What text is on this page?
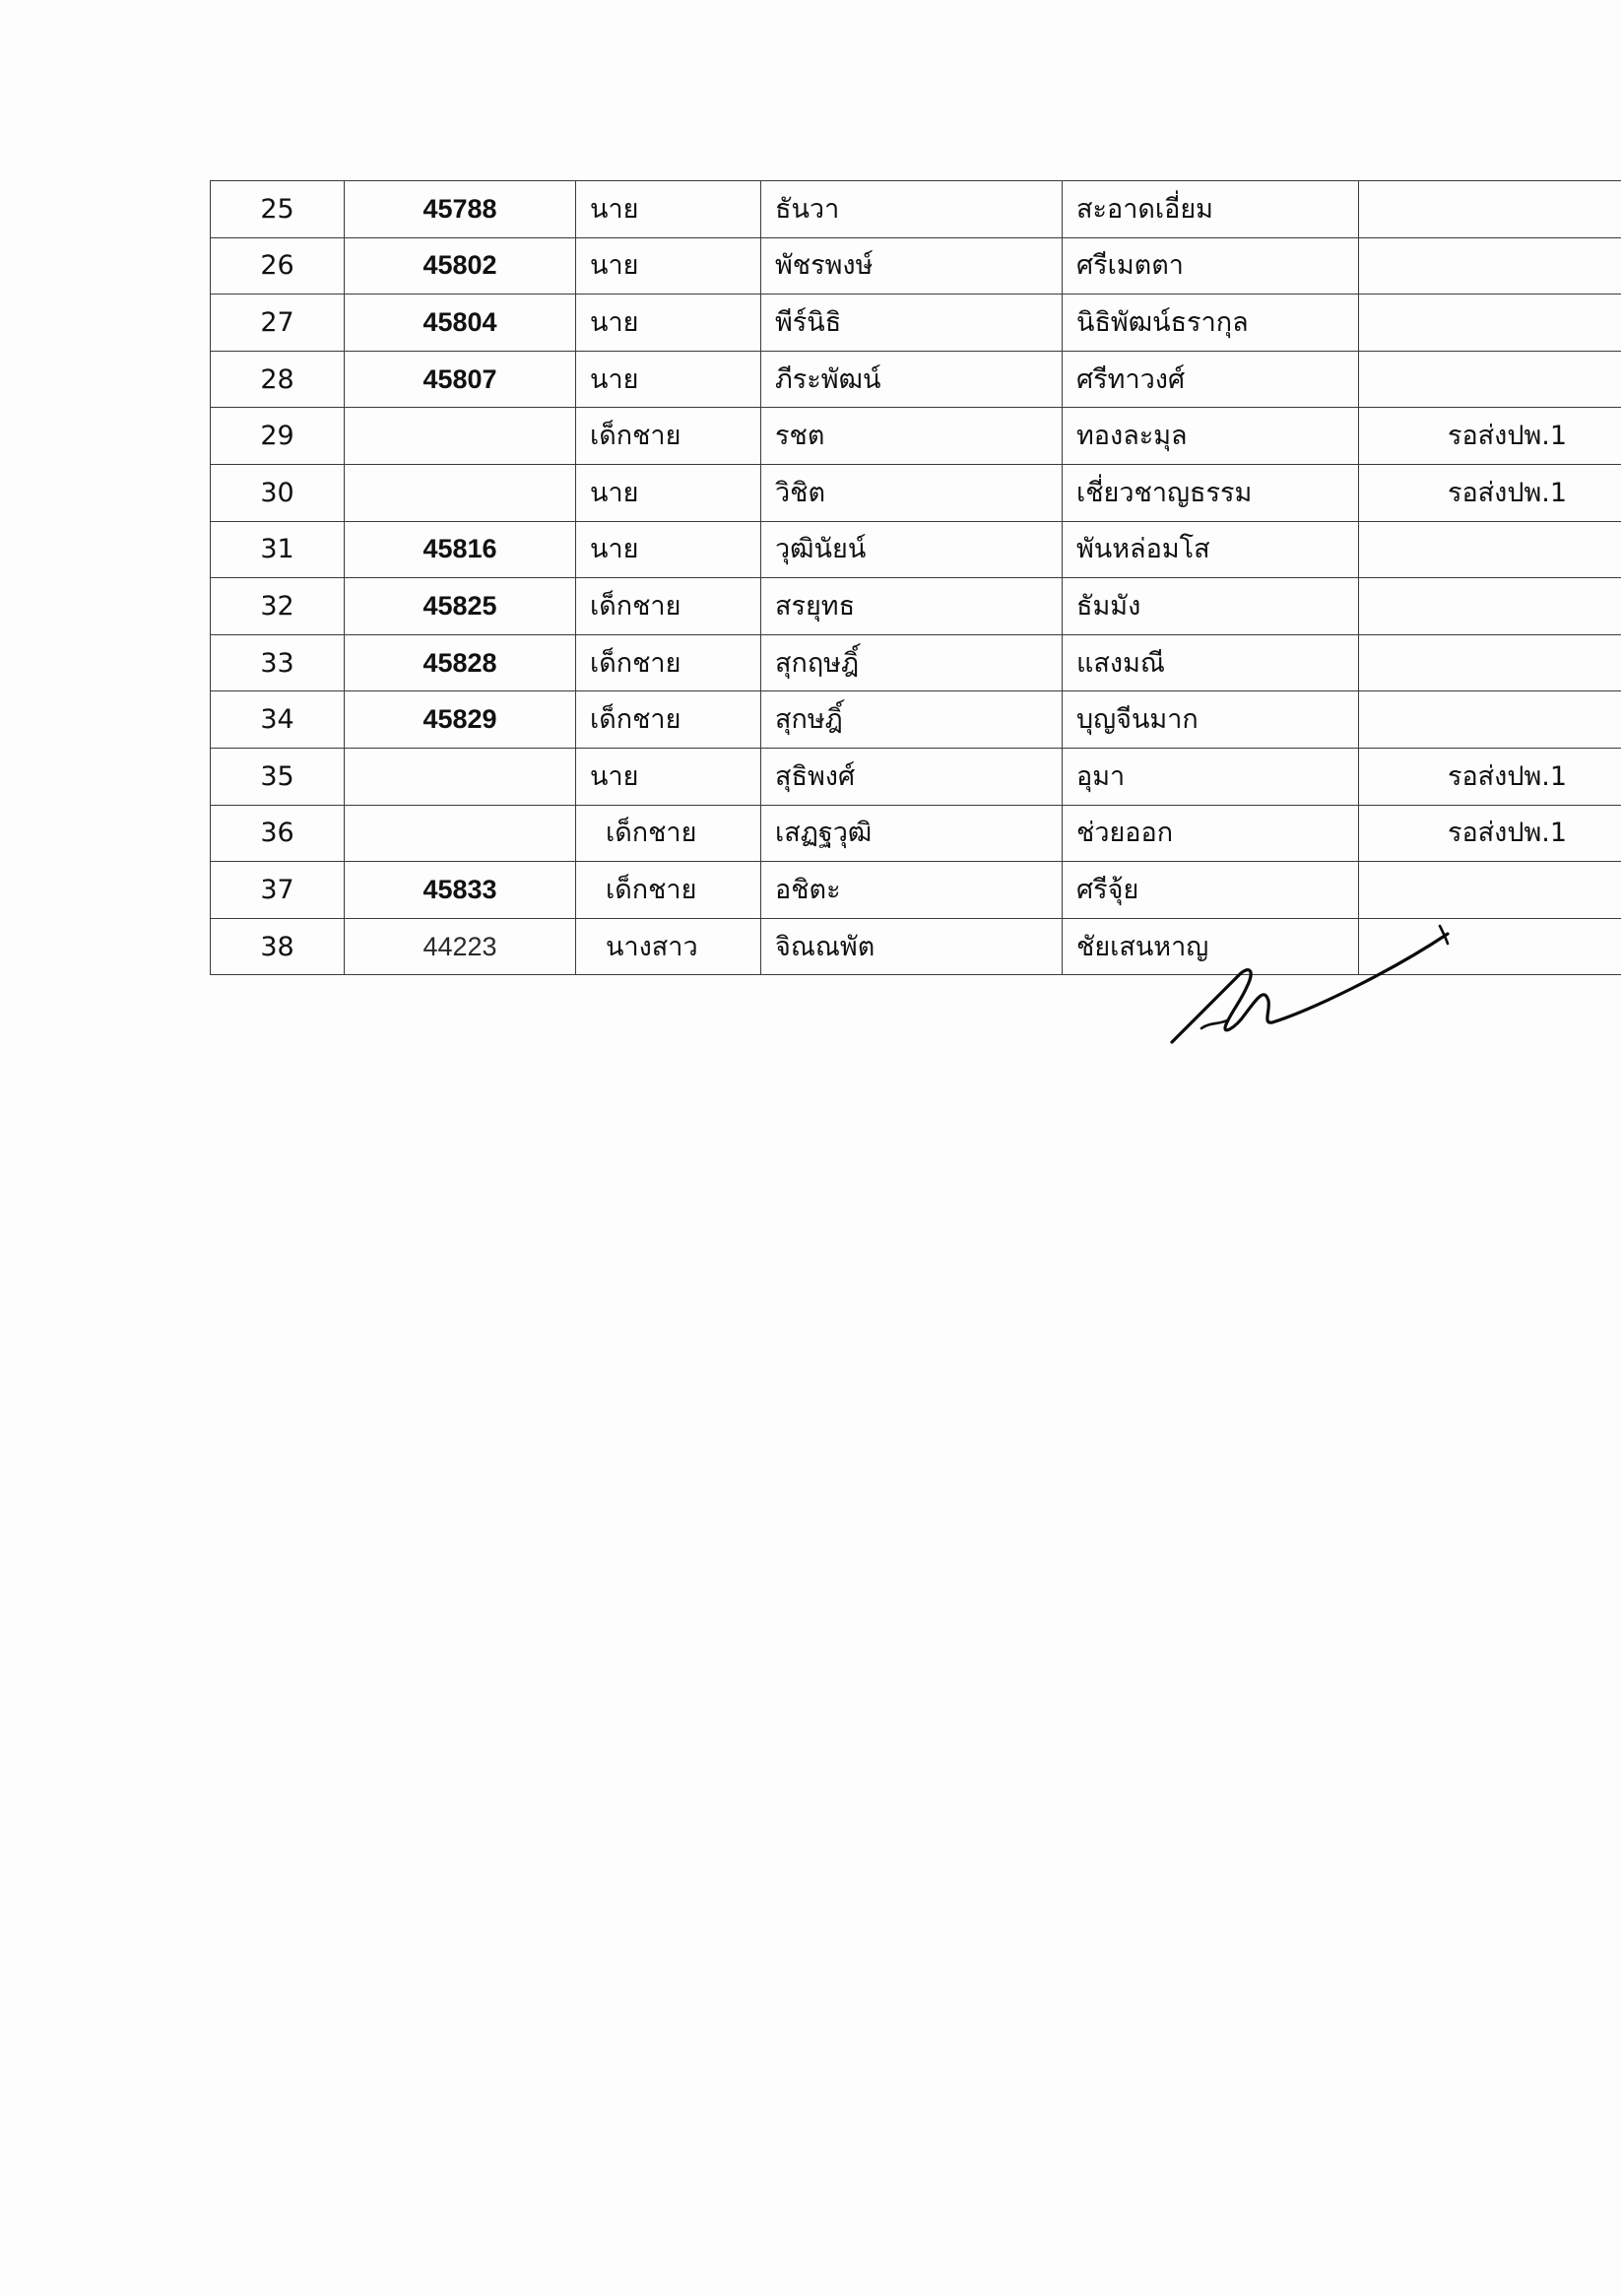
25	45788	นาย	ธันวา	สะอาดเอี่ยม	
26	45802	นาย	พัชรพงษ์	ศรีเมตตา	
27	45804	นาย	พีร์นิธิ	นิธิพัฒน์ธรากุล	
28	45807	นาย	ภีระพัฒน์	ศรีทาวงศ์	
29		เด็กชาย	รชต	ทองละมุล	รอส่งปพ.1
30		นาย	วิชิต	เชี่ยวชาญธรรม	รอส่งปพ.1
31	45816	นาย	วุฒินัยน์	พันหล่อมโส	
32	45825	เด็กชาย	สรยุทธ	ธัมมัง	
33	45828	เด็กชาย	สุกฤษฎิ์	แสงมณี	
34	45829	เด็กชาย	สุกษฎิ์	บุญจีนมาก	
35		นาย	สุธิพงศ์	อุมา	รอส่งปพ.1
36		เด็กชาย	เสฏฐวุฒิ	ช่วยออก	รอส่งปพ.1
37	45833	เด็กชาย	อชิตะ	ศรีจุ้ย	
38	44223	นางสาว	จิณณพัต	ชัยเสนหาญ	
